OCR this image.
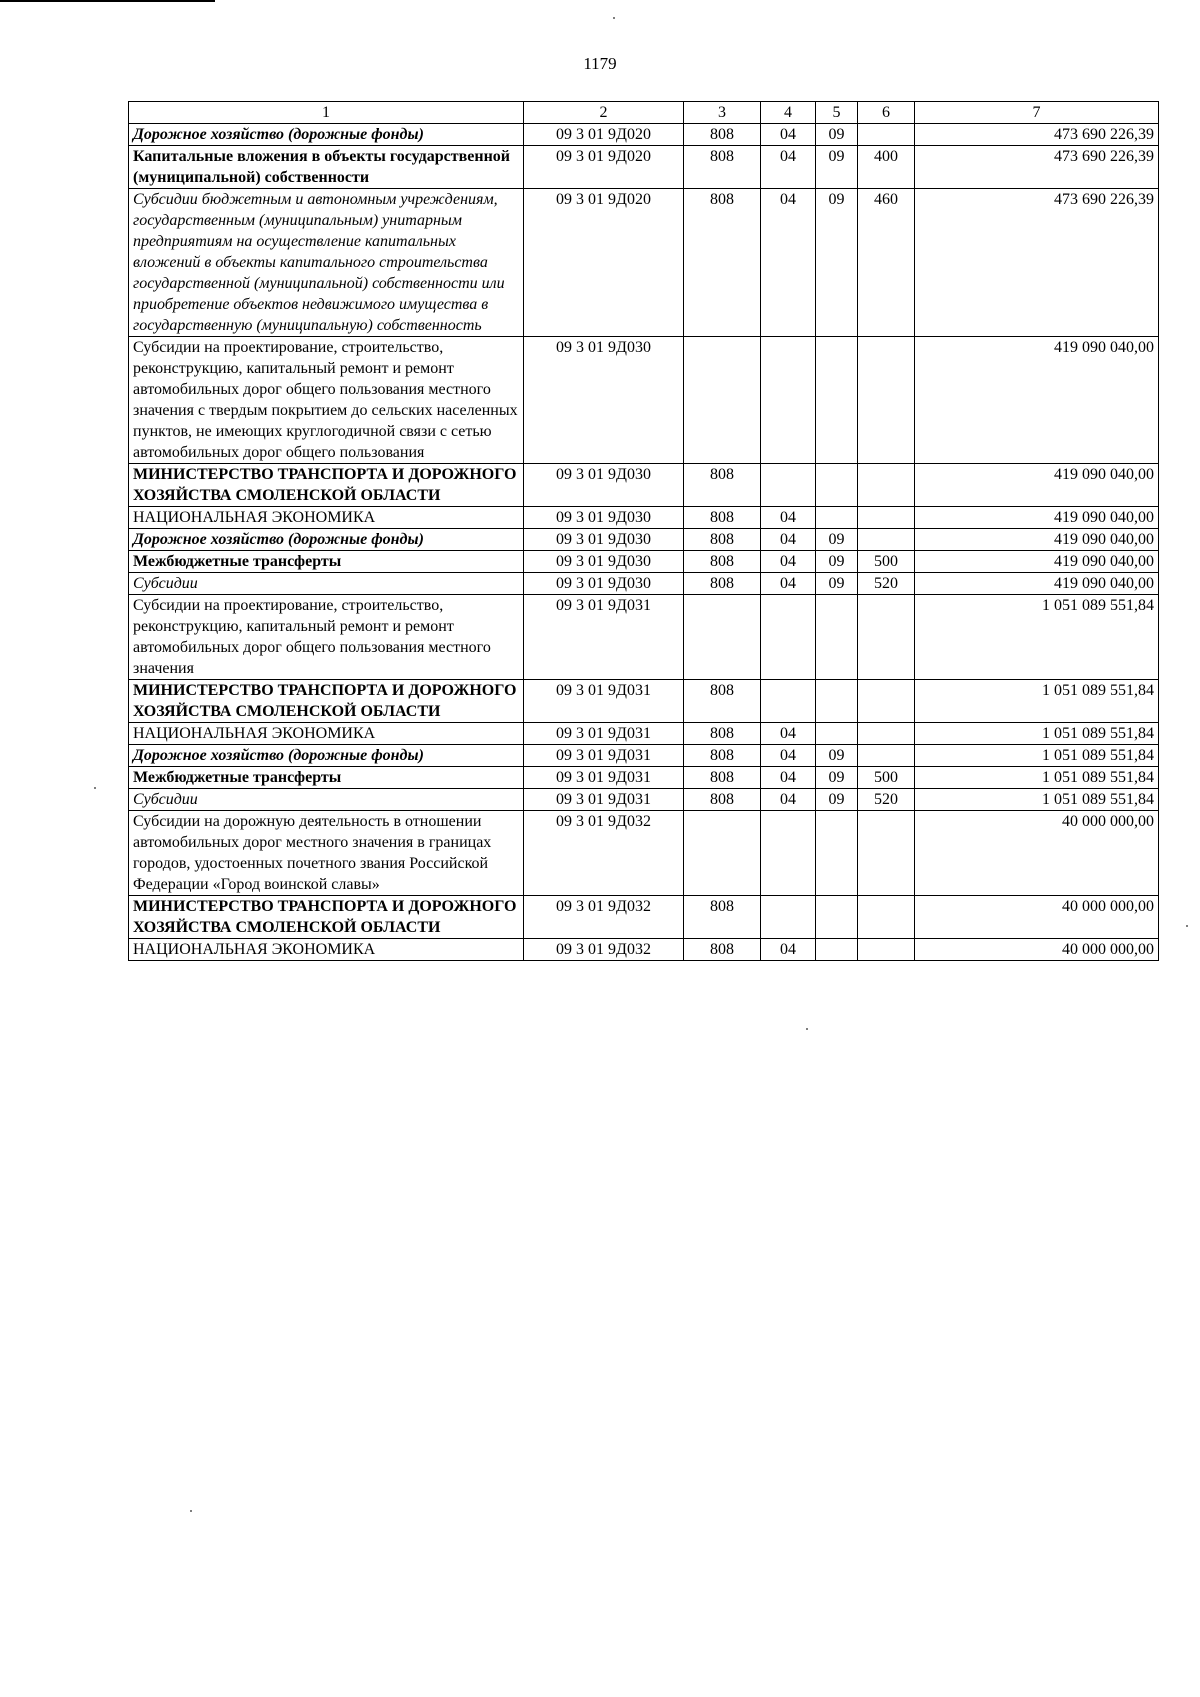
1179
1	2	3	4	5	6	7
Дорожное хозяйство (дорожные фонды)	09 3 01 9Д020	808	04	09		473 690 226,39
Капитальные вложения в объекты государственной (муниципальной) собственности	09 3 01 9Д020	808	04	09	400	473 690 226,39
Субсидии бюджетным и автономным учреждениям, государственным (муниципальным) унитарным предприятиям на осуществление капитальных вложений в объекты капитального строительства государственной (муниципальной) собственности или приобретение объектов недвижимого имущества в государственную (муниципальную) собственность	09 3 01 9Д020	808	04	09	460	473 690 226,39
Субсидии на проектирование, строительство, реконструкцию, капитальный ремонт и ремонт автомобильных дорог общего пользования местного значения с твердым покрытием до сельских населенных пунктов, не имеющих круглогодичной связи с сетью автомобильных дорог общего пользования	09 3 01 9Д030					419 090 040,00
МИНИСТЕРСТВО ТРАНСПОРТА И ДОРОЖНОГО ХОЗЯЙСТВА СМОЛЕНСКОЙ ОБЛАСТИ	09 3 01 9Д030	808				419 090 040,00
НАЦИОНАЛЬНАЯ ЭКОНОМИКА	09 3 01 9Д030	808	04			419 090 040,00
Дорожное хозяйство (дорожные фонды)	09 3 01 9Д030	808	04	09		419 090 040,00
Межбюджетные трансферты	09 3 01 9Д030	808	04	09	500	419 090 040,00
Субсидии	09 3 01 9Д030	808	04	09	520	419 090 040,00
Субсидии на проектирование, строительство, реконструкцию, капитальный ремонт и ремонт автомобильных дорог общего пользования местного значения	09 3 01 9Д031					1 051 089 551,84
МИНИСТЕРСТВО ТРАНСПОРТА И ДОРОЖНОГО ХОЗЯЙСТВА СМОЛЕНСКОЙ ОБЛАСТИ	09 3 01 9Д031	808				1 051 089 551,84
НАЦИОНАЛЬНАЯ ЭКОНОМИКА	09 3 01 9Д031	808	04			1 051 089 551,84
Дорожное хозяйство (дорожные фонды)	09 3 01 9Д031	808	04	09		1 051 089 551,84
Межбюджетные трансферты	09 3 01 9Д031	808	04	09	500	1 051 089 551,84
Субсидии	09 3 01 9Д031	808	04	09	520	1 051 089 551,84
Субсидии на дорожную деятельность в отношении автомобильных дорог местного значения в границах городов, удостоенных почетного звания Российской Федерации «Город воинской славы»	09 3 01 9Д032					40 000 000,00
МИНИСТЕРСТВО ТРАНСПОРТА И ДОРОЖНОГО ХОЗЯЙСТВА СМОЛЕНСКОЙ ОБЛАСТИ	09 3 01 9Д032	808				40 000 000,00
НАЦИОНАЛЬНАЯ ЭКОНОМИКА	09 3 01 9Д032	808	04			40 000 000,00
